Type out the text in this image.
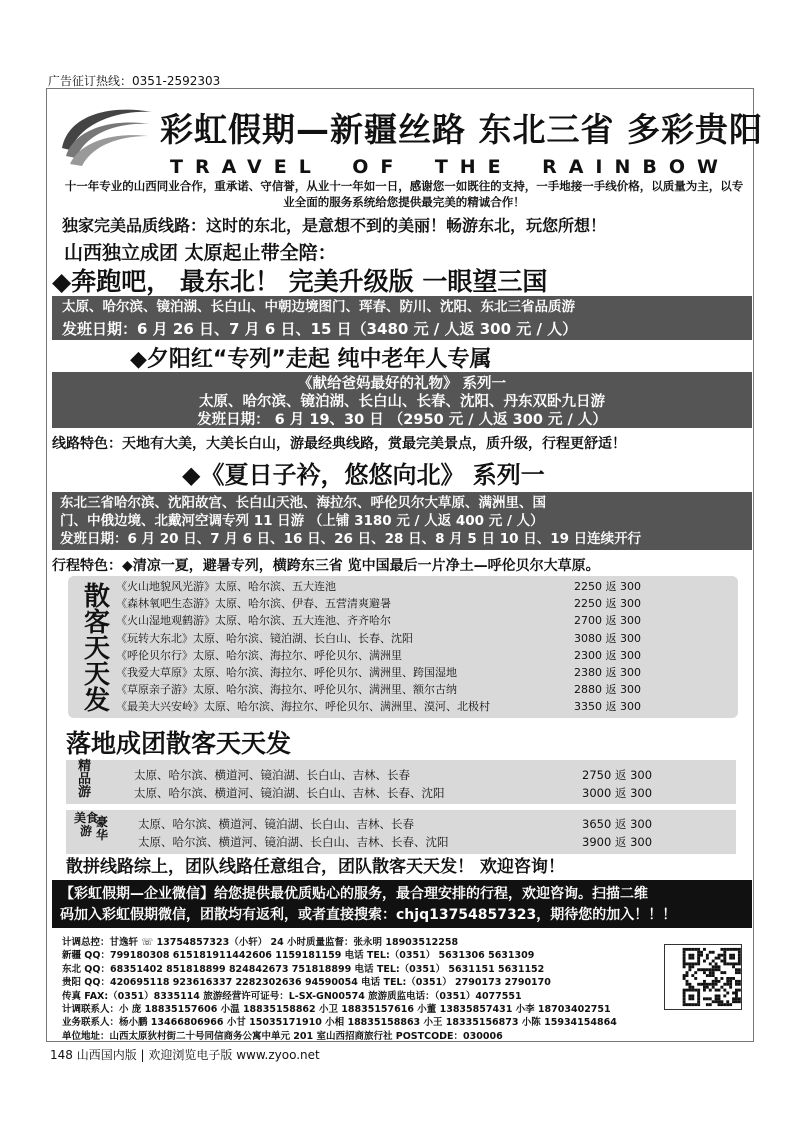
广告征订热线：0351-2592303
彩虹假期—新疆丝路 东北三省 多彩贵阳
TRAVEL OF THE RAINBOW
十一年专业的山西同业合作，重承诺、守信誉，从业十一年如一日，感谢您一如既往的支持，一手地接一手线价格，以质量为主，以专业全面的服务系统给您提供最完美的精诚合作！
独家完美品质线路：这时的东北，是意想不到的美丽！畅游东北，玩您所想！
山西独立成团 太原起止带全陪：
◆奔跑吧， 最东北！ 完美升级版 一眼望三国
太原、哈尔滨、镜泊湖、长白山、中朝边境图门、珲春、防川、沈阳、东北三省品质游
发班日期：6 月 26 日、7 月 6 日、15 日（3480 元 / 人返 300 元 / 人）
◆夕阳红“专列”走起 纯中老年人专属
《献给爸妈最好的礼物》 系列一
太原、哈尔滨、镜泊湖、长白山、长春、沈阳、丹东双卧九日游
发班日期： 6 月 19、30 日 （2950 元 / 人返 300 元 / 人）
线路特色：天地有大美，大美长白山，游最经典线路，赏最完美景点，质升级，行程更舒适！
◆《夏日子衿，悠悠向北》 系列一
东北三省哈尔滨、沈阳故宫、长白山天池、海拉尔、呼伦贝尔大草原、满洲里、国
门、中俄边境、北戴河空调专列 11 日游 （上铺 3180 元 / 人返 400 元 / 人）
发班日期：6 月 20 日、7 月 6 日、16 日、26 日、28 日、8 月 5 日 10 日、19 日连续开行
行程特色：◆清凉一夏，避暑专列，横跨东三省 览中国最后一片净土—呼伦贝尔大草原。
散
客
天
天
发
《火山地貌风光游》太原、哈尔滨、五大连池	2250 返 300
《森林氧吧生态游》太原、哈尔滨、伊春、五营清爽避暑	2250 返 300
《火山湿地观鹤游》太原、哈尔滨、五大连池、齐齐哈尔	2700 返 300
《玩转大东北》太原、哈尔滨、镜泊湖、长白山、长春、沈阳	3080 返 300
《呼伦贝尔行》太原、哈尔滨、海拉尔、呼伦贝尔、满洲里	2300 返 300
《我爱大草原》太原、哈尔滨、海拉尔、呼伦贝尔、满洲里、跨国湿地	2380 返 300
《草原亲子游》太原、哈尔滨、海拉尔、呼伦贝尔、满洲里、额尔古纳	2880 返 300
《最美大兴安岭》太原、哈尔滨、海拉尔、呼伦贝尔、满洲里、漠河、北极村	3350 返 300
落地成团散客天天发
精
品
游
太原、哈尔滨、横道河、镜泊湖、长白山、吉林、长春	2750 返 300
太原、哈尔滨、横道河、镜泊湖、长白山、吉林、长春、沈阳	3000 返 300
美食
豪华
游	太原、哈尔滨、横道河、镜泊湖、长白山、吉林、长春	3650 返 300
太原、哈尔滨、横道河、镜泊湖、长白山、吉林、长春、沈阳	3900 返 300
散拼线路综上，团队线路任意组合，团队散客天天发！ 欢迎咨询！
【彩虹假期—企业微信】给您提供最优质贴心的服务，最合理安排的行程，欢迎咨询。扫描二维
码加入彩虹假期微信，团散均有返利，或者直接搜索：chjq13754857323，期待您的加入！！！
计调总控：甘逸轩 ☏ 13754857323（小轩） 24 小时质量监督：张永明 18903512258
新疆 QQ：799180308 615181911442606 1159181159 电话 TEL:（0351） 5631306 5631309
东北 QQ：68351402 851818899 824842673 751818899 电话 TEL:（0351） 5631151 5631152
贵阳 QQ：420695118 923616337 2282302636 94590054 电话 TEL:（0351） 2790173 2790170
传真 FAX:（0351）8335114 旅游经营许可证号：L-SX-GN00574 旅游质监电话：（0351）4077551
计调联系人：小 庞 18835157606 小温 18835158862 小卫 18835157616 小董 13835857431 小李 18703402751
业务联系人：杨小鹏 13466806966 小甘 15035171910 小相 18835158863 小王 18335156873 小陈 15934154864
单位地址：山西太原狄村街二十号同信商务公寓中单元 201 室山西招商旅行社 POSTCODE：030006
148 山西国内版 | 欢迎浏览电子版 www.zyoo.net
